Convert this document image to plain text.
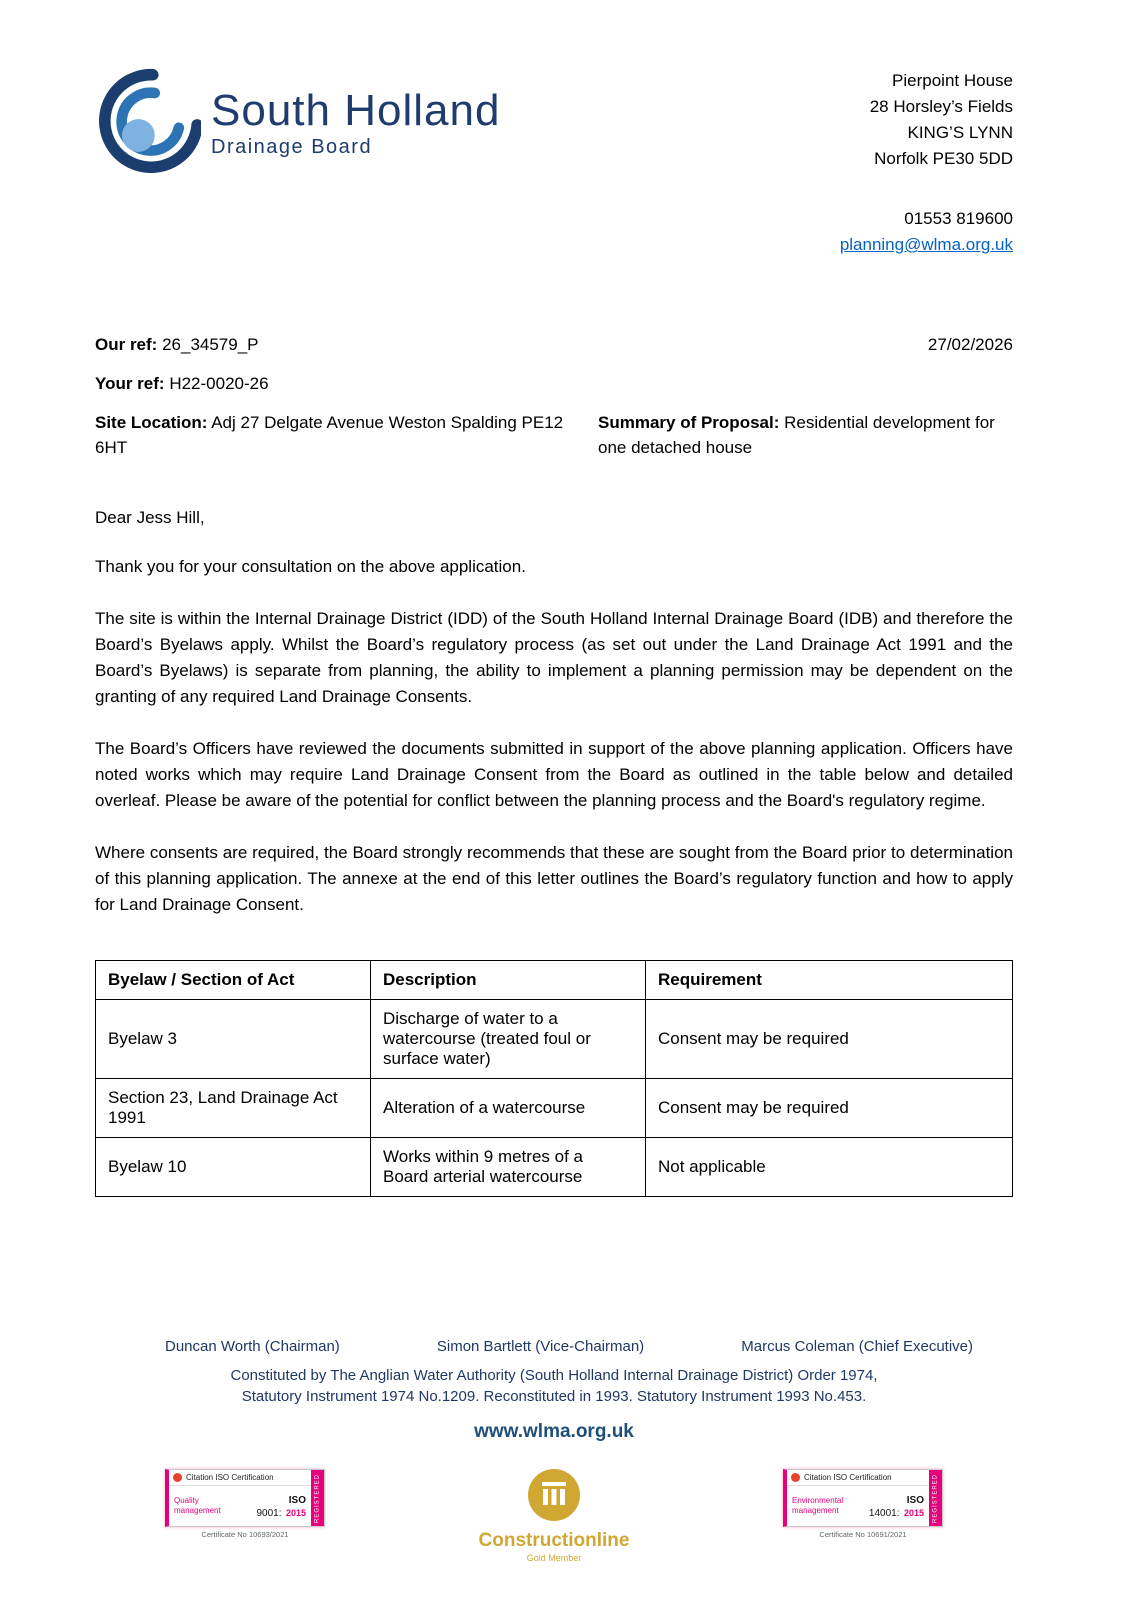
South Holland
Drainage Board
Pierpoint House
28 Horsley’s Fields
KING’S LYNN
Norfolk PE30 5DD
01553 819600
planning@wlma.org.uk
Our ref: 26_34579_P	27/02/2026
Your ref: H22-0020-26
Site Location: Adj 27 Delgate Avenue Weston Spalding PE12 6HT
Summary of Proposal: Residential development for one detached house
Dear Jess Hill,

Thank you for your consultation on the above application.

The site is within the Internal Drainage District (IDD) of the South Holland Internal Drainage Board (IDB) and therefore the Board’s Byelaws apply. Whilst the Board’s regulatory process (as set out under the Land Drainage Act 1991 and the Board’s Byelaws) is separate from planning, the ability to implement a planning permission may be dependent on the granting of any required Land Drainage Consents.

The Board’s Officers have reviewed the documents submitted in support of the above planning application. Officers have noted works which may require Land Drainage Consent from the Board as outlined in the table below and detailed overleaf. Please be aware of the potential for conflict between the planning process and the Board's regulatory regime.

Where consents are required, the Board strongly recommends that these are sought from the Board prior to determination of this planning application. The annexe at the end of this letter outlines the Board’s regulatory function and how to apply for Land Drainage Consent.

Byelaw / Section of Act	Description	Requirement
Byelaw 3	Discharge of water to a watercourse (treated foul or surface water)	Consent may be required
Section 23, Land Drainage Act 1991	Alteration of a watercourse	Consent may be required
Byelaw 10	Works within 9 metres of a Board arterial watercourse	Not applicable
Duncan Worth (Chairman)	Simon Bartlett (Vice-Chairman)	Marcus Coleman (Chief Executive)
Constituted by The Anglian Water Authority (South Holland Internal Drainage District) Order 1974,
Statutory Instrument 1974 No.1209. Reconstituted in 1993. Statutory Instrument 1993 No.453.
www.wlma.org.uk
Citation ISO Certification
Quality management
ISO
9001: 2015	REGISTERED
Certificate No 10693/2021	Constructionline
Gold Member
Citation ISO Certification
Environmental management
ISO
14001: 2015	REGISTERED
Certificate No 10691/2021
